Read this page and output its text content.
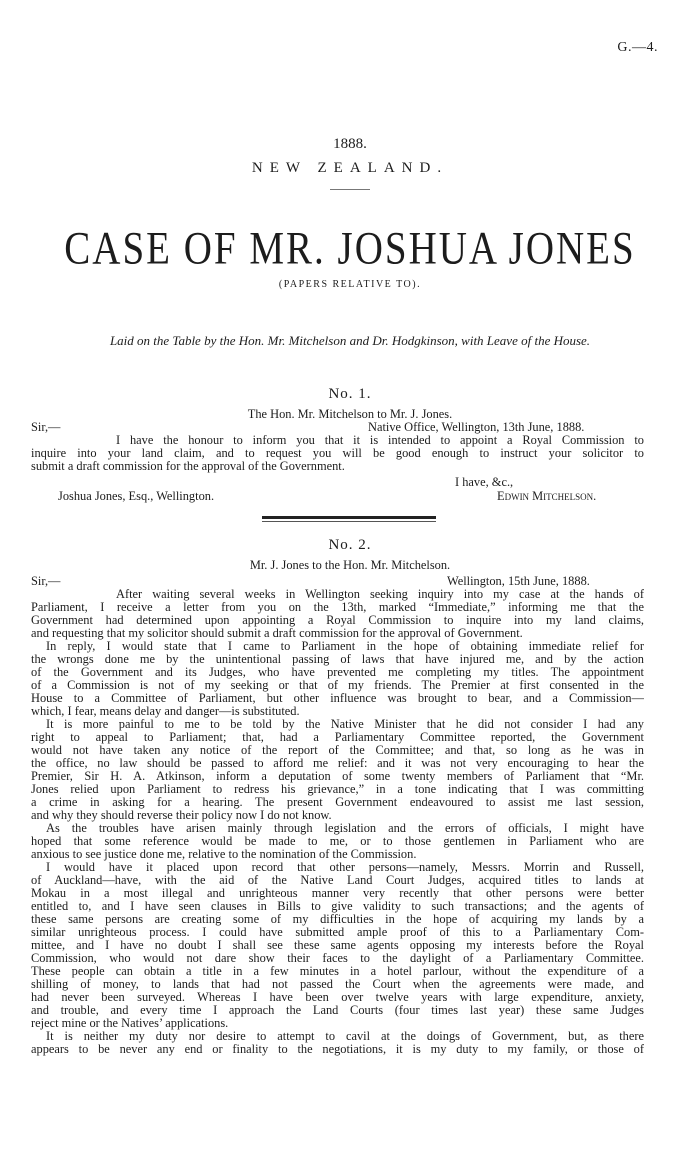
G.—4.
1888.
NEW ZEALAND.
CASE OF MR. JOSHUA JONES
(PAPERS RELATIVE TO).
Laid on the Table by the Hon. Mr. Mitchelson and Dr. Hodgkinson, with Leave of the House.
No. 1.
The Hon. Mr. Mitchelson to Mr. J. Jones.
Sir,—	Native Office, Wellington, 13th June, 1888.
I have the honour to inform you that it is intended to appoint a Royal Commission to
inquire into your land claim, and to request you will be good enough to instruct your solicitor to
submit a draft commission for the approval of the Government.
I have, &c.,
Joshua Jones, Esq., Wellington.	Edwin Mitchelson.
No. 2.
Mr. J. Jones to the Hon. Mr. Mitchelson.
Sir,—	Wellington, 15th June, 1888.
After waiting several weeks in Wellington seeking inquiry into my case at the hands of
Parliament, I receive a letter from you on the 13th, marked “Immediate,” informing me that the
Government had determined upon appointing a Royal Commission to inquire into my land claims,
and requesting that my solicitor should submit a draft commission for the approval of Government.
In reply, I would state that I came to Parliament in the hope of obtaining immediate relief for
the wrongs done me by the unintentional passing of laws that have injured me, and by the action
of the Government and its Judges, who have prevented me completing my titles. The appointment
of a Commission is not of my seeking or that of my friends. The Premier at first consented in the
House to a Committee of Parliament, but other influence was brought to bear, and a Commission—
which, I fear, means delay and danger—is substituted.
It is more painful to me to be told by the Native Minister that he did not consider I had any
right to appeal to Parliament; that, had a Parliamentary Committee reported, the Government
would not have taken any notice of the report of the Committee; and that, so long as he was in
the office, no law should be passed to afford me relief: and it was not very encouraging to hear the
Premier, Sir H. A. Atkinson, inform a deputation of some twenty members of Parliament that “Mr.
Jones relied upon Parliament to redress his grievance,” in a tone indicating that I was committing
a crime in asking for a hearing. The present Government endeavoured to assist me last session,
and why they should reverse their policy now I do not know.
As the troubles have arisen mainly through legislation and the errors of officials, I might have
hoped that some reference would be made to me, or to those gentlemen in Parliament who are
anxious to see justice done me, relative to the nomination of the Commission.
I would have it placed upon record that other persons—namely, Messrs. Morrin and Russell,
of Auckland—have, with the aid of the Native Land Court Judges, acquired titles to lands at
Mokau in a most illegal and unrighteous manner very recently that other persons were better
entitled to, and I have seen clauses in Bills to give validity to such transactions; and the agents of
these same persons are creating some of my difficulties in the hope of acquiring my lands by a
similar unrighteous process. I could have submitted ample proof of this to a Parliamentary Com-
mittee, and I have no doubt I shall see these same agents opposing my interests before the Royal
Commission, who would not dare show their faces to the daylight of a Parliamentary Committee.
These people can obtain a title in a few minutes in a hotel parlour, without the expenditure of a
shilling of money, to lands that had not passed the Court when the agreements were made, and
had never been surveyed. Whereas I have been over twelve years with large expenditure, anxiety,
and trouble, and every time I approach the Land Courts (four times last year) these same Judges
reject mine or the Natives’ applications.
It is neither my duty nor desire to attempt to cavil at the doings of Government, but, as there
appears to be never any end or finality to the negotiations, it is my duty to my family, or those of
